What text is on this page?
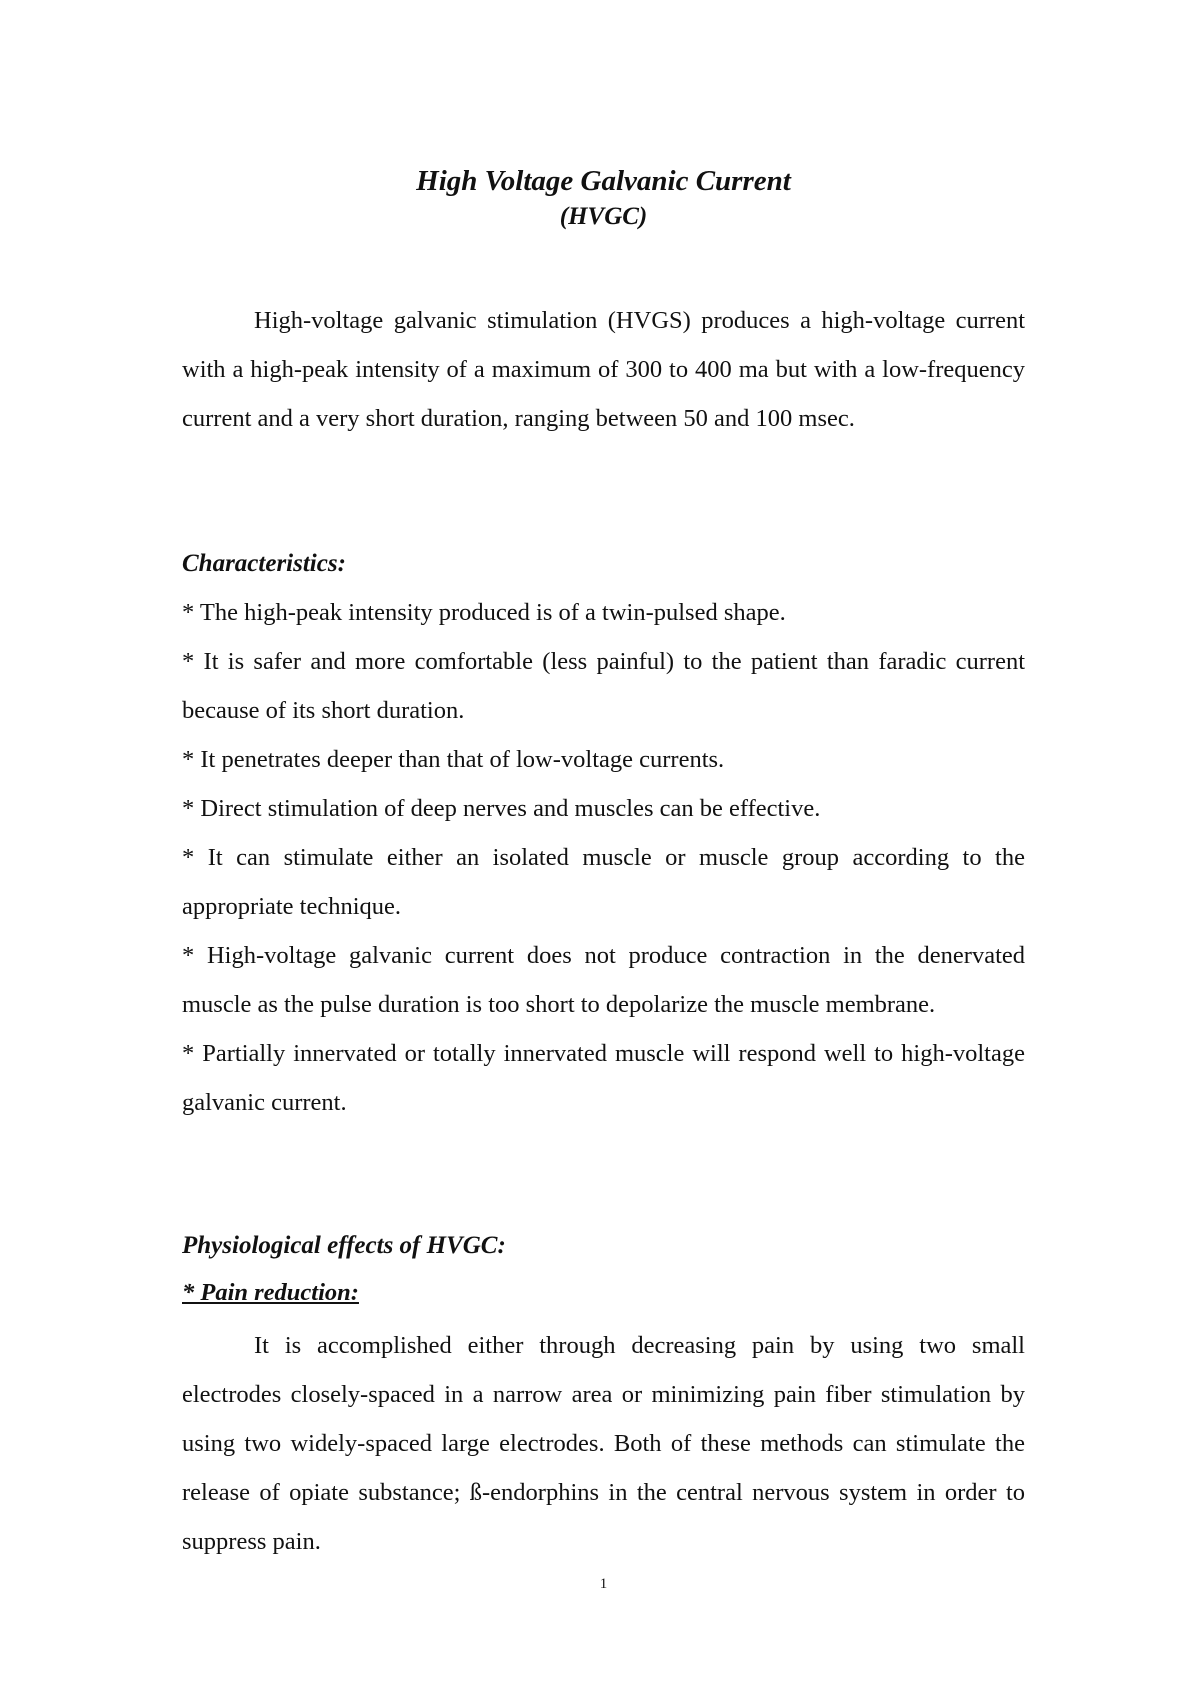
High Voltage Galvanic Current
(HVGC)

High-voltage galvanic stimulation (HVGS) produces a high-voltage current with a high-peak intensity of a maximum of 300 to 400 ma but with a low-frequency current and a very short duration, ranging between 50 and 100 msec.

Characteristics:
* The high-peak intensity produced is of a twin-pulsed shape.
* It is safer and more comfortable (less painful) to the patient than faradic current because of its short duration.
* It penetrates deeper than that of low-voltage currents.
* Direct stimulation of deep nerves and muscles can be effective.
* It can stimulate either an isolated muscle or muscle group according to the appropriate technique.
* High-voltage galvanic current does not produce contraction in the denervated muscle as the pulse duration is too short to depolarize the muscle membrane.
* Partially innervated or totally innervated muscle will respond well to high-voltage galvanic current.
Physiological effects of HVGC:
* Pain reduction:

It is accomplished either through decreasing pain by using two small electrodes closely-spaced in a narrow area or minimizing pain fiber stimulation by using two widely-spaced large electrodes. Both of these methods can stimulate the release of opiate substance; ß-endorphins in the central nervous system in order to suppress pain.

1
